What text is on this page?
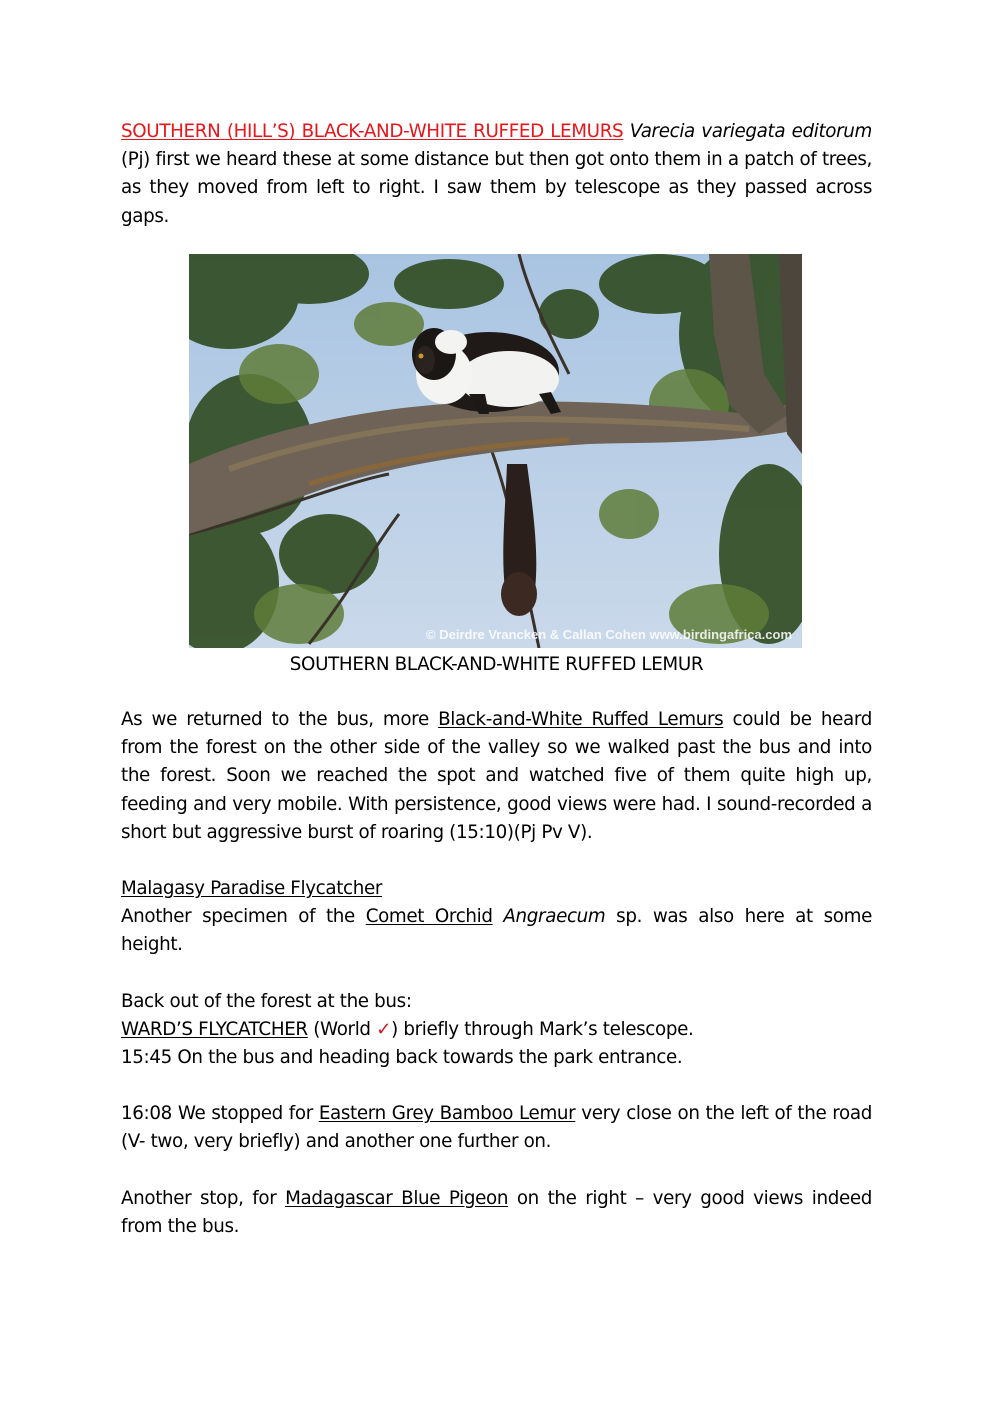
SOUTHERN (HILL’S) BLACK-AND-WHITE RUFFED LEMURS Varecia variegata editorum (Pj) first we heard these at some distance but then got onto them in a patch of trees, as they moved from left to right. I saw them by telescope as they passed across gaps.

© Deirdre Vrancken & Callan Cohen www.birdingafrica.com
SOUTHERN BLACK-AND-WHITE RUFFED LEMUR

As we returned to the bus, more Black-and-White Ruffed Lemurs could be heard from the forest on the other side of the valley so we walked past the bus and into the forest. Soon we reached the spot and watched five of them quite high up, feeding and very mobile. With persistence, good views were had. I sound-recorded a short but aggressive burst of roaring (15:10)(Pj Pv V).

Malagasy Paradise Flycatcher
Another specimen of the Comet Orchid Angraecum sp. was also here at some height.

Back out of the forest at the bus:
WARD’S FLYCATCHER (World ✓) briefly through Mark’s telescope.
15:45 On the bus and heading back towards the park entrance.

16:08 We stopped for Eastern Grey Bamboo Lemur very close on the left of the road (V- two, very briefly) and another one further on.

Another stop, for Madagascar Blue Pigeon on the right – very good views indeed from the bus.
